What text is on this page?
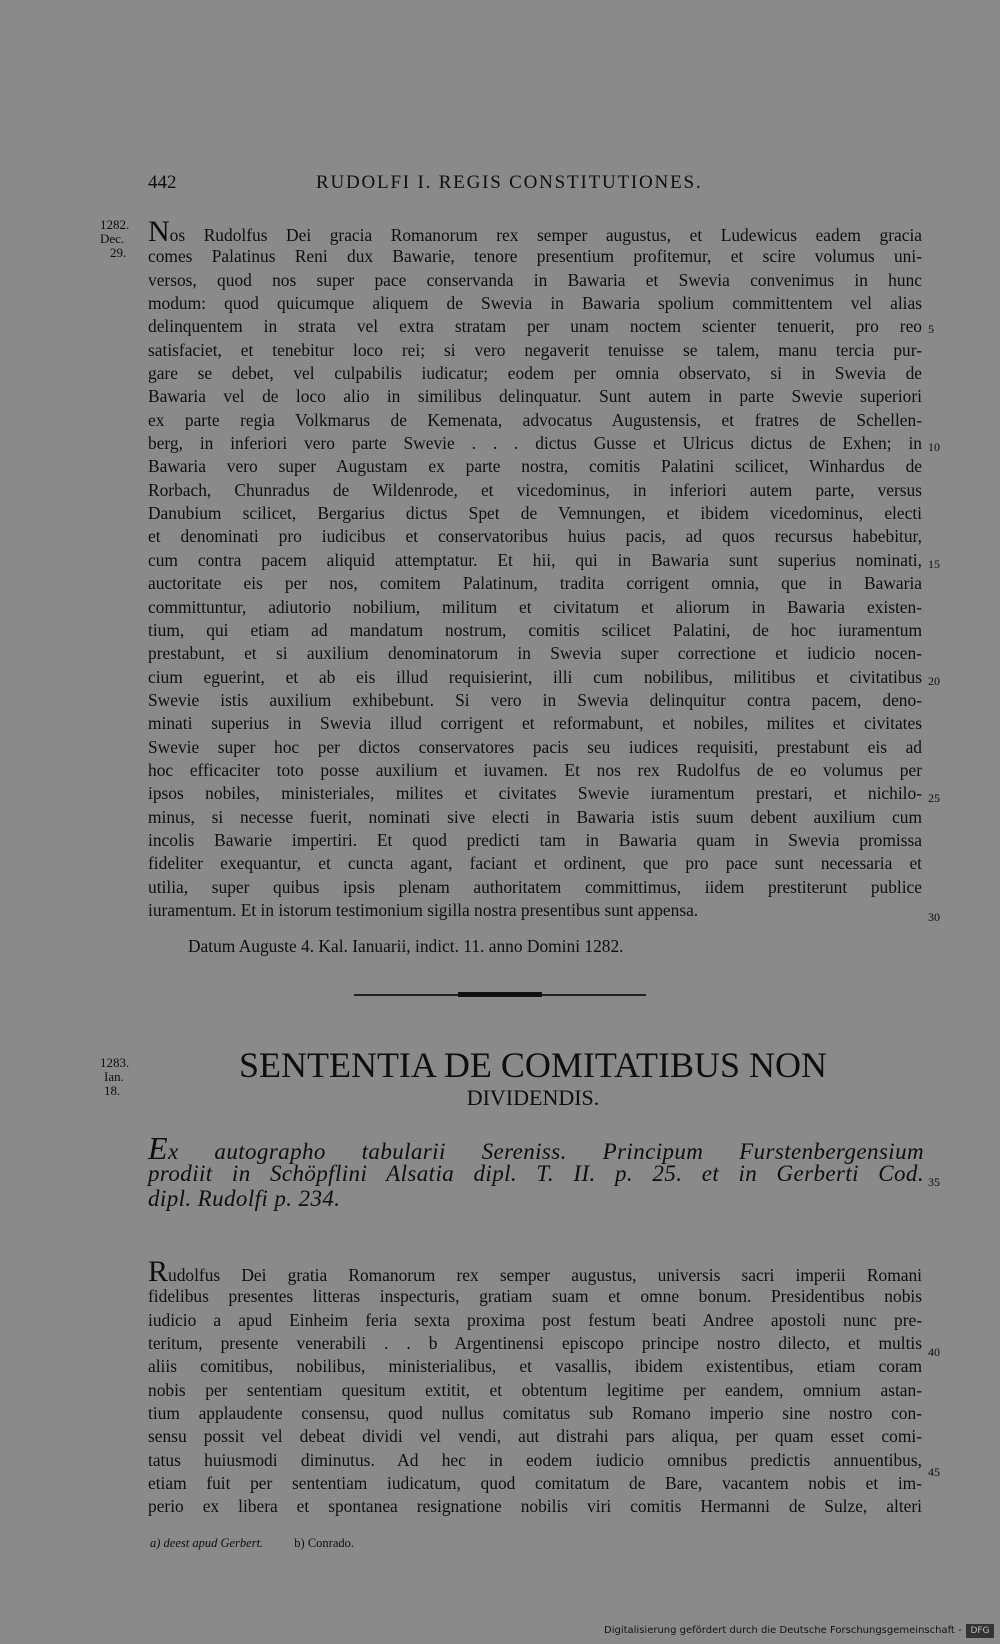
442	RUDOLFI I. REGIS CONSTITUTIONES.
1282.
Dec.
29.
Nos Rudolfus Dei gracia Romanorum rex semper augustus, et Ludewicus eadem gracia
comes Palatinus Reni dux Bawarie, tenore presentium profitemur, et scire volumus uni-
versos, quod nos super pace conservanda in Bawaria et Swevia convenimus in hunc
modum: quod quicumque aliquem de Swevia in Bawaria spolium committentem vel alias
delinquentem in strata vel extra stratam per unam noctem scienter tenuerit, pro reo
satisfaciet, et tenebitur loco rei; si vero negaverit tenuisse se talem, manu tercia pur-
gare se debet, vel culpabilis iudicatur; eodem per omnia observato, si in Swevia de
Bawaria vel de loco alio in similibus delinquatur. Sunt autem in parte Swevie superiori
ex parte regia Volkmarus de Kemenata, advocatus Augustensis, et fratres de Schellen-
berg, in inferiori vero parte Swevie . . . dictus Gusse et Ulricus dictus de Exhen; in
Bawaria vero super Augustam ex parte nostra, comitis Palatini scilicet, Winhardus de
Rorbach, Chunradus de Wildenrode, et vicedominus, in inferiori autem parte, versus
Danubium scilicet, Bergarius dictus Spet de Vemnungen, et ibidem vicedominus, electi
et denominati pro iudicibus et conservatoribus huius pacis, ad quos recursus habebitur,
cum contra pacem aliquid attemptatur. Et hii, qui in Bawaria sunt superius nominati,
auctoritate eis per nos, comitem Palatinum, tradita corrigent omnia, que in Bawaria
committuntur, adiutorio nobilium, militum et civitatum et aliorum in Bawaria existen-
tium, qui etiam ad mandatum nostrum, comitis scilicet Palatini, de hoc iuramentum
prestabunt, et si auxilium denominatorum in Swevia super correctione et iudicio nocen-
cium eguerint, et ab eis illud requisierint, illi cum nobilibus, militibus et civitatibus
Swevie istis auxilium exhibebunt. Si vero in Swevia delinquitur contra pacem, deno-
minati superius in Swevia illud corrigent et reformabunt, et nobiles, milites et civitates
Swevie super hoc per dictos conservatores pacis seu iudices requisiti, prestabunt eis ad
hoc efficaciter toto posse auxilium et iuvamen. Et nos rex Rudolfus de eo volumus per
ipsos nobiles, ministeriales, milites et civitates Swevie iuramentum prestari, et nichilo-
minus, si necesse fuerit, nominati sive electi in Bawaria istis suum debent auxilium cum
incolis Bawarie impertiri. Et quod predicti tam in Bawaria quam in Swevia promissa
fideliter exequantur, et cuncta agant, faciant et ordinent, que pro pace sunt necessaria et
utilia, super quibus ipsis plenam authoritatem committimus, iidem prestiterunt publice
iuramentum. Et in istorum testimonium sigilla nostra presentibus sunt appensa.
Datum Auguste 4. Kal. Ianuarii, indict. 11. anno Domini 1282.
5
10
15
20
25
30
35
40
45
1283.
Ian.
18.
SENTENTIA DE COMITATIBUS NON
DIVIDENDIS.
Ex autographo tabularii Sereniss. Principum Furstenbergensium
prodiit in Schöpflini Alsatia dipl. T. II. p. 25. et in Gerberti Cod.
dipl. Rudolfi p. 234.
Rudolfus Dei gratia Romanorum rex semper augustus, universis sacri imperii Romani
fidelibus presentes litteras inspecturis, gratiam suam et omne bonum. Presidentibus nobis
iudicio a apud Einheim feria sexta proxima post festum beati Andree apostoli nunc pre-
teritum, presente venerabili . . b Argentinensi episcopo principe nostro dilecto, et multis
aliis comitibus, nobilibus, ministerialibus, et vasallis, ibidem existentibus, etiam coram
nobis per sententiam quesitum extitit, et obtentum legitime per eandem, omnium astan-
tium applaudente consensu, quod nullus comitatus sub Romano imperio sine nostro con-
sensu possit vel debeat dividi vel vendi, aut distrahi pars aliqua, per quam esset comi-
tatus huiusmodi diminutus. Ad hec in eodem iudicio omnibus predictis annuentibus,
etiam fuit per sententiam iudicatum, quod comitatum de Bare, vacantem nobis et im-
perio ex libera et spontanea resignatione nobilis viri comitis Hermanni de Sulze, alteri
a) deest apud Gerbert. b) Conrado.
Digitalisierung gefördert durch die Deutsche Forschungsgemeinschaft - DFG
